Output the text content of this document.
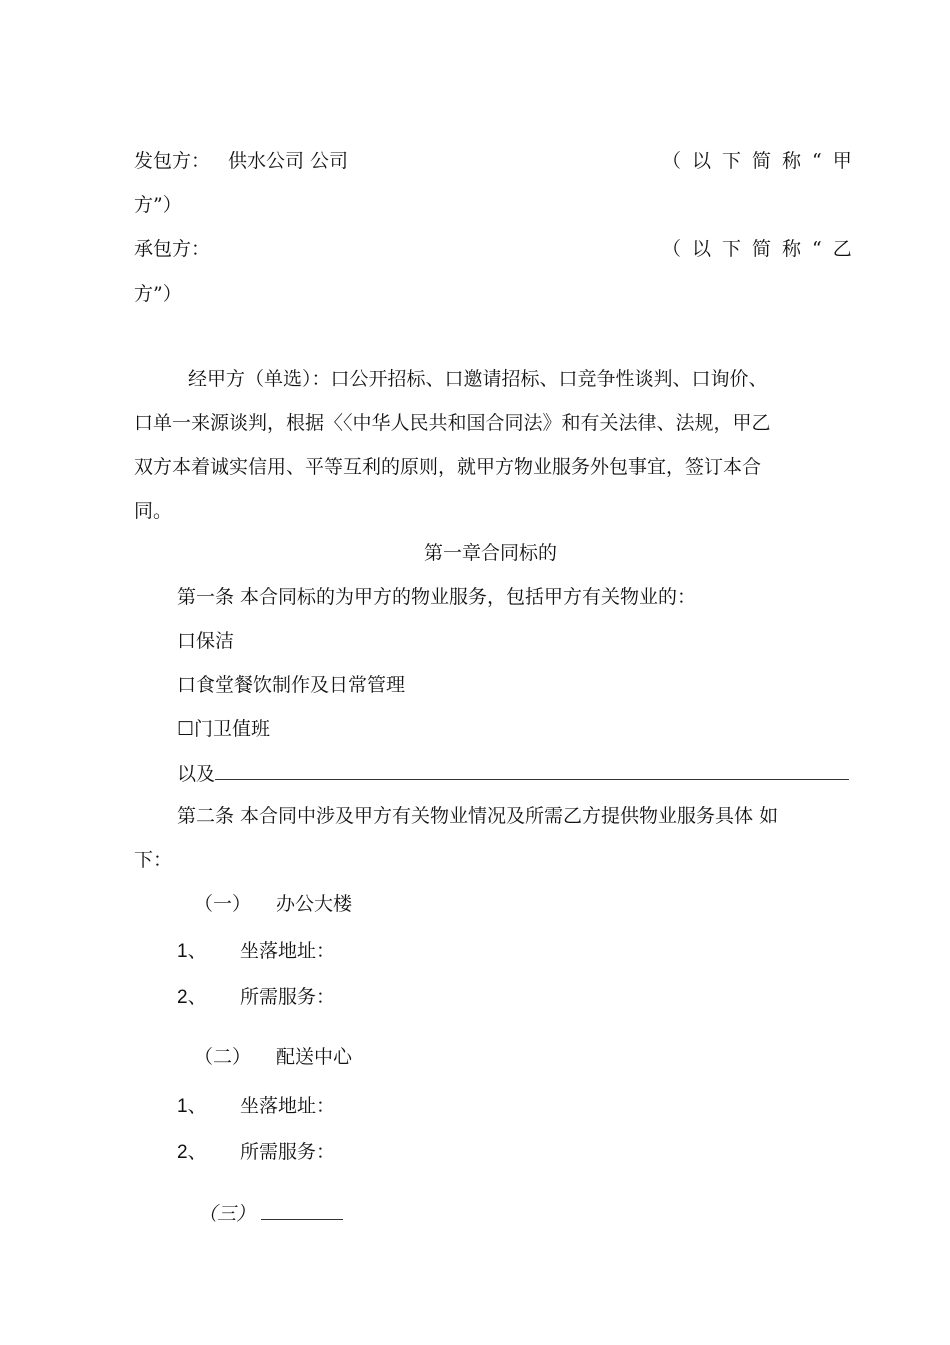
发包方： 供水公司 公司	（以下简称“甲
方”）
承包方：	（以下简称“乙
方”）
经甲方（单选）：口公开招标、口邀请招标、口竞争性谈判、口询价、
口单一来源谈判，根据〈〈中华人民共和国合同法》和有关法律、法规，甲乙
双方本着诚实信用、平等互利的原则，就甲方物业服务外包事宜，签订本合
同。
第一章合同标的
第一条 本合同标的为甲方的物业服务，包括甲方有关物业的：
口保洁
口食堂餐饮制作及日常管理
☐门卫值班
以及
第二条 本合同中涉及甲方有关物业情况及所需乙方提供物业服务具体 如
下：
（一） 办公大楼
1、 坐落地址：
2、 所需服务：
（二） 配送中心
1、 坐落地址：
2、 所需服务：
（三）
